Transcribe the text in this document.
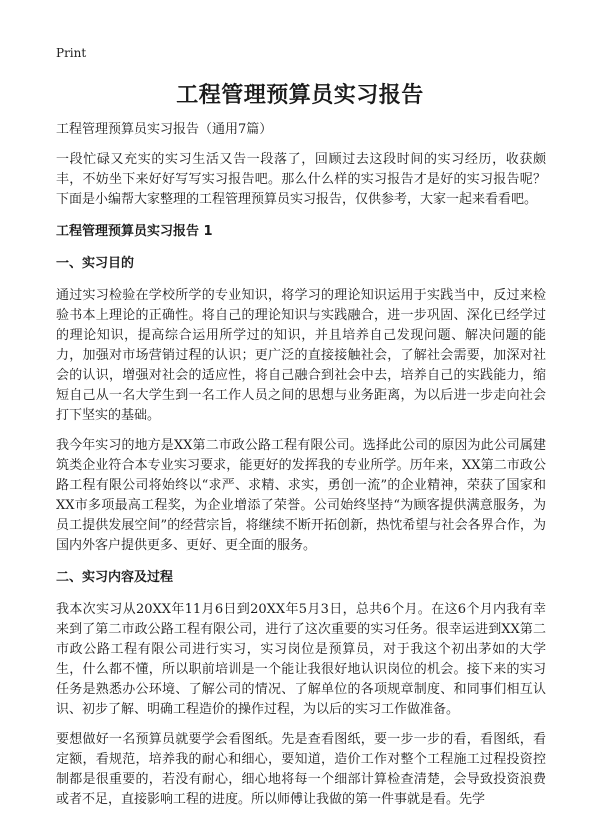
Print
工程管理预算员实习报告

工程管理预算员实习报告（通用7篇）

一段忙碌又充实的实习生活又告一段落了，回顾过去这段时间的实习经历，收获颇丰，不妨坐下来好好写写实习报告吧。那么什么样的实习报告才是好的实习报告呢？下面是小编帮大家整理的工程管理预算员实习报告，仅供参考，大家一起来看看吧。

工程管理预算员实习报告 1

一、实习目的

通过实习检验在学校所学的专业知识，将学习的理论知识运用于实践当中，反过来检验书本上理论的正确性。将自己的理论知识与实践融合，进一步巩固、深化已经学过的理论知识，提高综合运用所学过的知识，并且培养自己发现问题、解决问题的能力，加强对市场营销过程的认识；更广泛的直接接触社会，了解社会需要，加深对社会的认识，增强对社会的适应性，将自己融合到社会中去，培养自己的实践能力，缩短自己从一名大学生到一名工作人员之间的思想与业务距离，为以后进一步走向社会打下坚实的基础。

我今年实习的地方是XX第二市政公路工程有限公司。选择此公司的原因为此公司属建筑类企业符合本专业实习要求，能更好的发挥我的专业所学。历年来，XX第二市政公路工程有限公司将始终以“求严、求精、求实，勇创一流”的企业精神，荣获了国家和XX市多项最高工程奖，为企业增添了荣誉。公司始终坚持“为顾客提供满意服务，为员工提供发展空间”的经营宗旨，将继续不断开拓创新，热忱希望与社会各界合作，为国内外客户提供更多、更好、更全面的服务。

二、实习内容及过程

我本次实习从20XX年11月6日到20XX年5月3日，总共6个月。在这6个月内我有幸来到了第二市政公路工程有限公司，进行了这次重要的实习任务。很幸运进到XX第二市政公路工程有限公司进行实习，实习岗位是预算员，对于我这个初出茅如的大学生，什么都不懂，所以职前培训是一个能让我很好地认识岗位的机会。接下来的实习任务是熟悉办公环境、了解公司的情况、了解单位的各项规章制度、和同事们相互认识、初步了解、明确工程造价的操作过程，为以后的实习工作做准备。

要想做好一名预算员就要学会看图纸。先是查看图纸，要一步一步的看，看图纸，看定额，看规范，培养我的耐心和细心，要知道，造价工作对整个工程施工过程投资控制都是很重要的，若没有耐心，细心地将每一个细部计算检查清楚，会导致投资浪费或者不足，直接影响工程的进度。所以师傅让我做的第一件事就是看。先学
